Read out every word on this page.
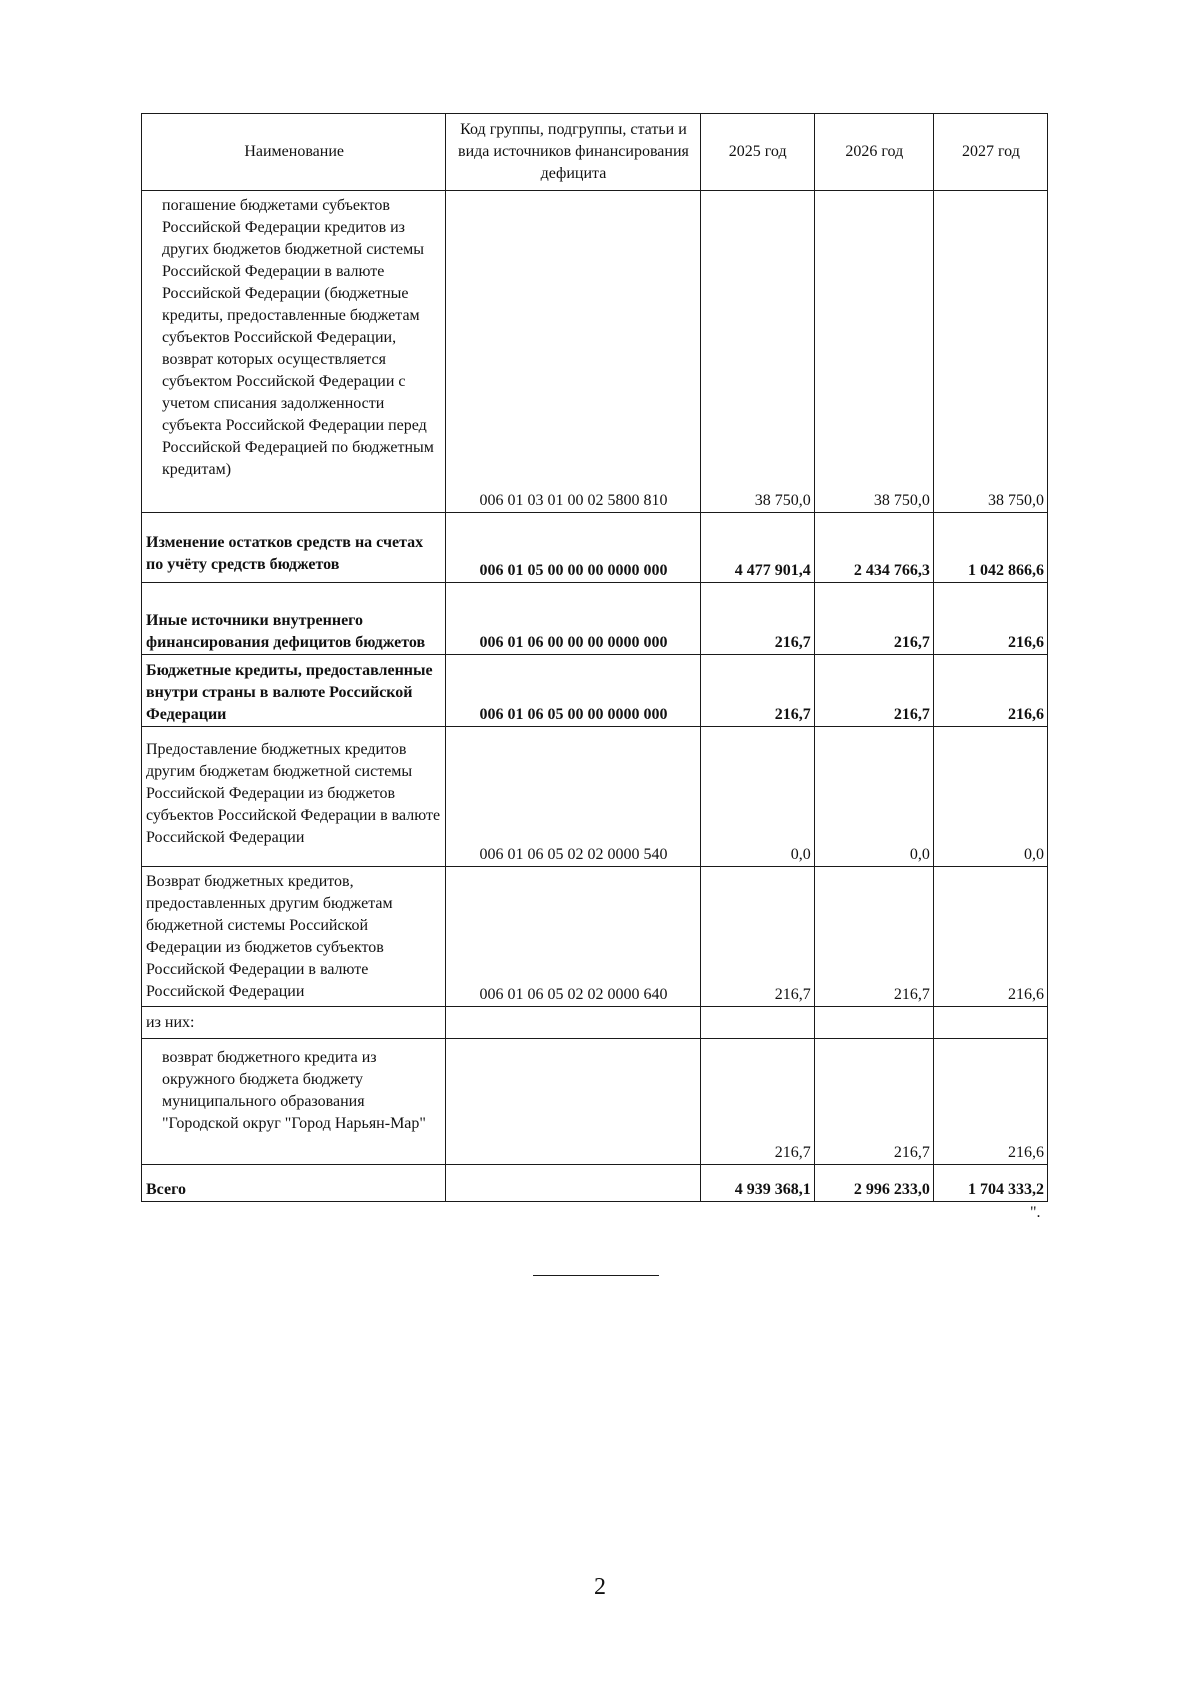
Наименование	Код группы, подгруппы, статьи и вида источников финансирования дефицита	2025 год	2026 год	2027 год
погашение бюджетами субъектов Российской Федерации кредитов из других бюджетов бюджетной системы Российской Федерации в валюте Российской Федерации (бюджетные кредиты, предоставленные бюджетам субъектов Российской Федерации, возврат которых осуществляется субъектом Российской Федерации с учетом списания задолженности субъекта Российской Федерации перед Российской Федерацией по бюджетным кредитам)	006 01 03 01 00 02 5800 810	38 750,0	38 750,0	38 750,0
Изменение остатков средств на счетах по учёту средств бюджетов	006 01 05 00 00 00 0000 000	4 477 901,4	2 434 766,3	1 042 866,6
Иные источники внутреннего финансирования дефицитов бюджетов	006 01 06 00 00 00 0000 000	216,7	216,7	216,6
Бюджетные кредиты, предоставленные внутри страны в валюте Российской Федерации	006 01 06 05 00 00 0000 000	216,7	216,7	216,6
Предоставление бюджетных кредитов другим бюджетам бюджетной системы Российской Федерации из бюджетов субъектов Российской Федерации в валюте Российской Федерации	006 01 06 05 02 02 0000 540	0,0	0,0	0,0
Возврат бюджетных кредитов, предоставленных другим бюджетам бюджетной системы Российской Федерации из бюджетов субъектов Российской Федерации в валюте Российской Федерации	006 01 06 05 02 02 0000 640	216,7	216,7	216,6
из них:				
возврат бюджетного кредита из окружного бюджета бюджету муниципального образования "Городской округ "Город Нарьян-Мар"		216,7	216,7	216,6
Всего		4 939 368,1	2 996 233,0	1 704 333,2
".
2
